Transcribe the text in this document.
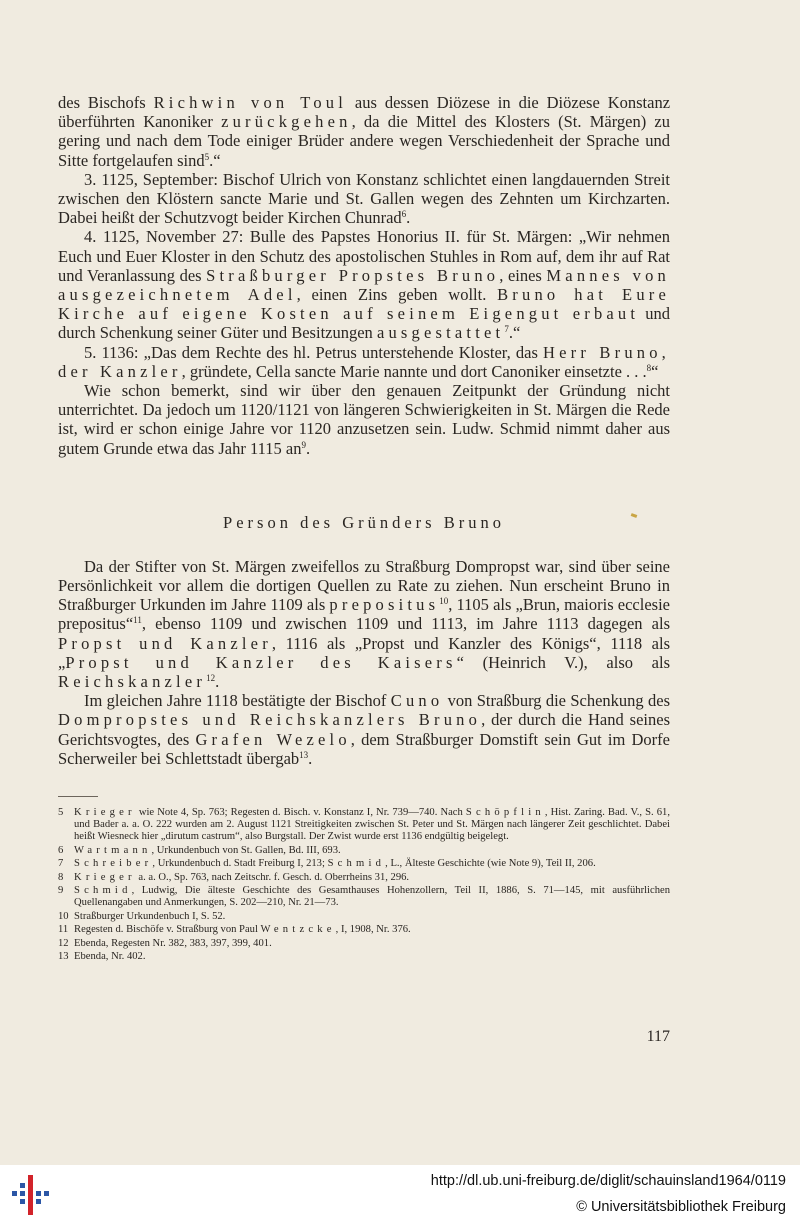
des Bischofs Richwin von Toul aus dessen Diözese in die Diözese Konstanz überführten Kanoniker zurückgehen, da die Mittel des Klosters (St. Märgen) zu gering und nach dem Tode einiger Brüder andere wegen Verschiedenheit der Sprache und Sitte fortgelaufen sind$^5$.“

3. 1125, September: Bischof Ulrich von Konstanz schlichtet einen langdauernden Streit zwischen den Klöstern sancte Marie und St. Gallen wegen des Zehnten um Kirchzarten. Dabei heißt der Schutzvogt beider Kirchen Chunrad$^6$.

4. 1125, November 27: Bulle des Papstes Honorius II. für St. Märgen: „Wir nehmen Euch und Euer Kloster in den Schutz des apostolischen Stuhles in Rom auf, dem ihr auf Rat und Veranlassung des Straßburger Propstes Bruno, eines Mannes von ausgezeichnetem Adel, einen Zins geben wollt. Bruno hat Eure Kirche auf eigene Kosten auf seinem Eigengut erbaut und durch Schenkung seiner Güter und Besitzungen ausgestattet$^7$.“

5. 1136: „Das dem Rechte des hl. Petrus unterstehende Kloster, das Herr Bruno, der Kanzler, gründete, Cella sancte Marie nannte und dort Canoniker einsetzte . . .$^8$“

Wie schon bemerkt, sind wir über den genauen Zeitpunkt der Gründung nicht unterrichtet. Da jedoch um 1120/1121 von längeren Schwierigkeiten in St. Märgen die Rede ist, wird er schon einige Jahre vor 1120 anzusetzen sein. Ludw. Schmid nimmt daher aus gutem Grunde etwa das Jahr 1115 $an^9$.

Person des Gründers Bruno

Da der Stifter von St. Märgen zweifellos zu Straßburg Dompropst war, sind über seine Persönlichkeit vor allem die dortigen Quellen zu Rate zu ziehen. Nun erscheint Bruno in Straßburger Urkunden im Jahre 1109 als prepositus$^{10}$, 1105 als „Brun, maioris ecclesie prepositus“$^{11}$, ebenso 1109 und zwischen 1109 und 1113, im Jahre 1113 dagegen als Propst und Kanzler, 1116 als „Propst und Kanzler des Königs“, 1118 als „Propst und Kanzler des Kaisers“ (Heinrich V.), also als Reichskanzler$^{12}$.

Im gleichen Jahre 1118 bestätigte der Bischof Cuno von Straßburg die Schenkung des Dompropstes und Reichskanzlers Bruno, der durch die Hand seines Gerichtsvogtes, des Grafen Wezelo, dem Straßburger Domstift sein Gut im Dorfe Scherweiler bei Schlettstadt übergab$^{13}$.

5 Krieger wie Note 4, Sp. 763; Regesten d. Bisch. v. Konstanz I, Nr. 739—740. Nach Schöpflin, Hist. Zaring. Bad. V., S. 61, und Bader a. a. O. 222 wurden am 2. August 1121 Streitigkeiten zwischen St. Peter und St. Märgen nach längerer Zeit geschlichtet. Dabei heißt Wiesneck hier „dirutum castrum“, also Burgstall. Der Zwist wurde erst 1136 endgültig beigelegt.

6 Wartmann, Urkundenbuch von St. Gallen, Bd. III, 693.

7 Schreiber, Urkundenbuch d. Stadt Freiburg I, 213; Schmid, L., Älteste Geschichte (wie Note 9), Teil II, 206.

8 Krieger a. a. O., Sp. 763, nach Zeitschr. f. Gesch. d. Oberrheins 31, 296.

9 Schmid, Ludwig, Die älteste Geschichte des Gesamthauses Hohenzollern, Teil II, 1886, S. 71—145, mit ausführlichen Quellenangaben und Anmerkungen, S. 202—210, Nr. 21—73.

10 Straßburger Urkundenbuch I, S. 52.

11 Regesten d. Bischöfe v. Straßburg von Paul Wentzcke, I, 1908, Nr. 376.

12 Ebenda, Regesten Nr. 382, 383, 397, 399, 401.

13 Ebenda, Nr. 402.

117
http://dl.ub.uni-freiburg.de/diglit/schauinsland1964/0119
© Universitätsbibliothek Freiburg
